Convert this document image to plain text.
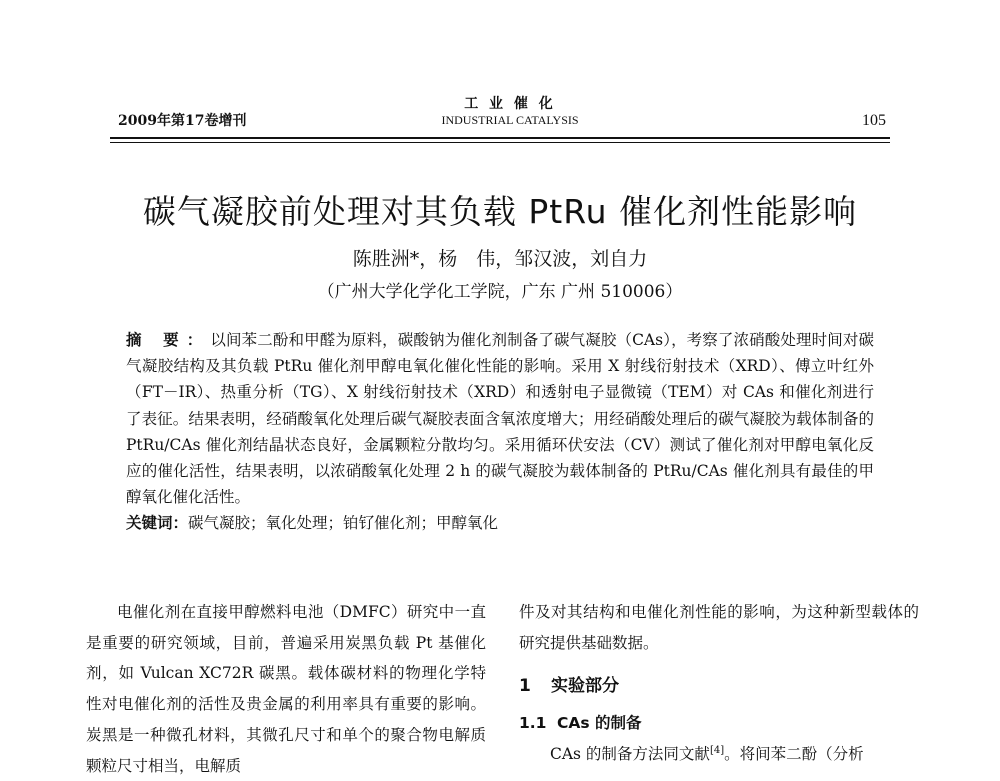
2009年第17卷增刊
工 业 催 化
INDUSTRIAL CATALYSIS	105
碳气凝胶前处理对其负载 PtRu 催化剂性能影响
陈胜洲*，杨　伟，邹汉波，刘自力
（广州大学化学化工学院，广东 广州 510006）
摘 要：以间苯二酚和甲醛为原料，碳酸钠为催化剂制备了碳气凝胶（CAs），考察了浓硝酸处理时间对碳气凝胶结构及其负载 PtRu 催化剂甲醇电氧化催化性能的影响。采用 X 射线衍射技术（XRD）、傅立叶红外（FT－IR）、热重分析（TG）、X 射线衍射技术（XRD）和透射电子显微镜（TEM）对 CAs 和催化剂进行了表征。结果表明，经硝酸氧化处理后碳气凝胶表面含氧浓度增大；用经硝酸处理后的碳气凝胶为载体制备的 PtRu/CAs 催化剂结晶状态良好，金属颗粒分散均匀。采用循环伏安法（CV）测试了催化剂对甲醇电氧化反应的催化活性，结果表明，以浓硝酸氧化处理 2 h 的碳气凝胶为载体制备的 PtRu/CAs 催化剂具有最佳的甲醇氧化催化活性。
关键词：碳气凝胶；氧化处理；铂钌催化剂；甲醇氧化
电催化剂在直接甲醇燃料电池（DMFC）研究中一直是重要的研究领域，目前，普遍采用炭黑负载 Pt 基催化剂，如 Vulcan XC72R 碳黑。载体碳材料的物理化学特性对电催化剂的活性及贵金属的利用率具有重要的影响。炭黑是一种微孔材料，其微孔尺寸和单个的聚合物电解质颗粒尺寸相当，电解质
件及对其结构和电催化剂性能的影响，为这种新型载体的研究提供基础数据。
1 实验部分
1.1 CAs 的制备
CAs 的制备方法同文献[4]。将间苯二酚（分析
